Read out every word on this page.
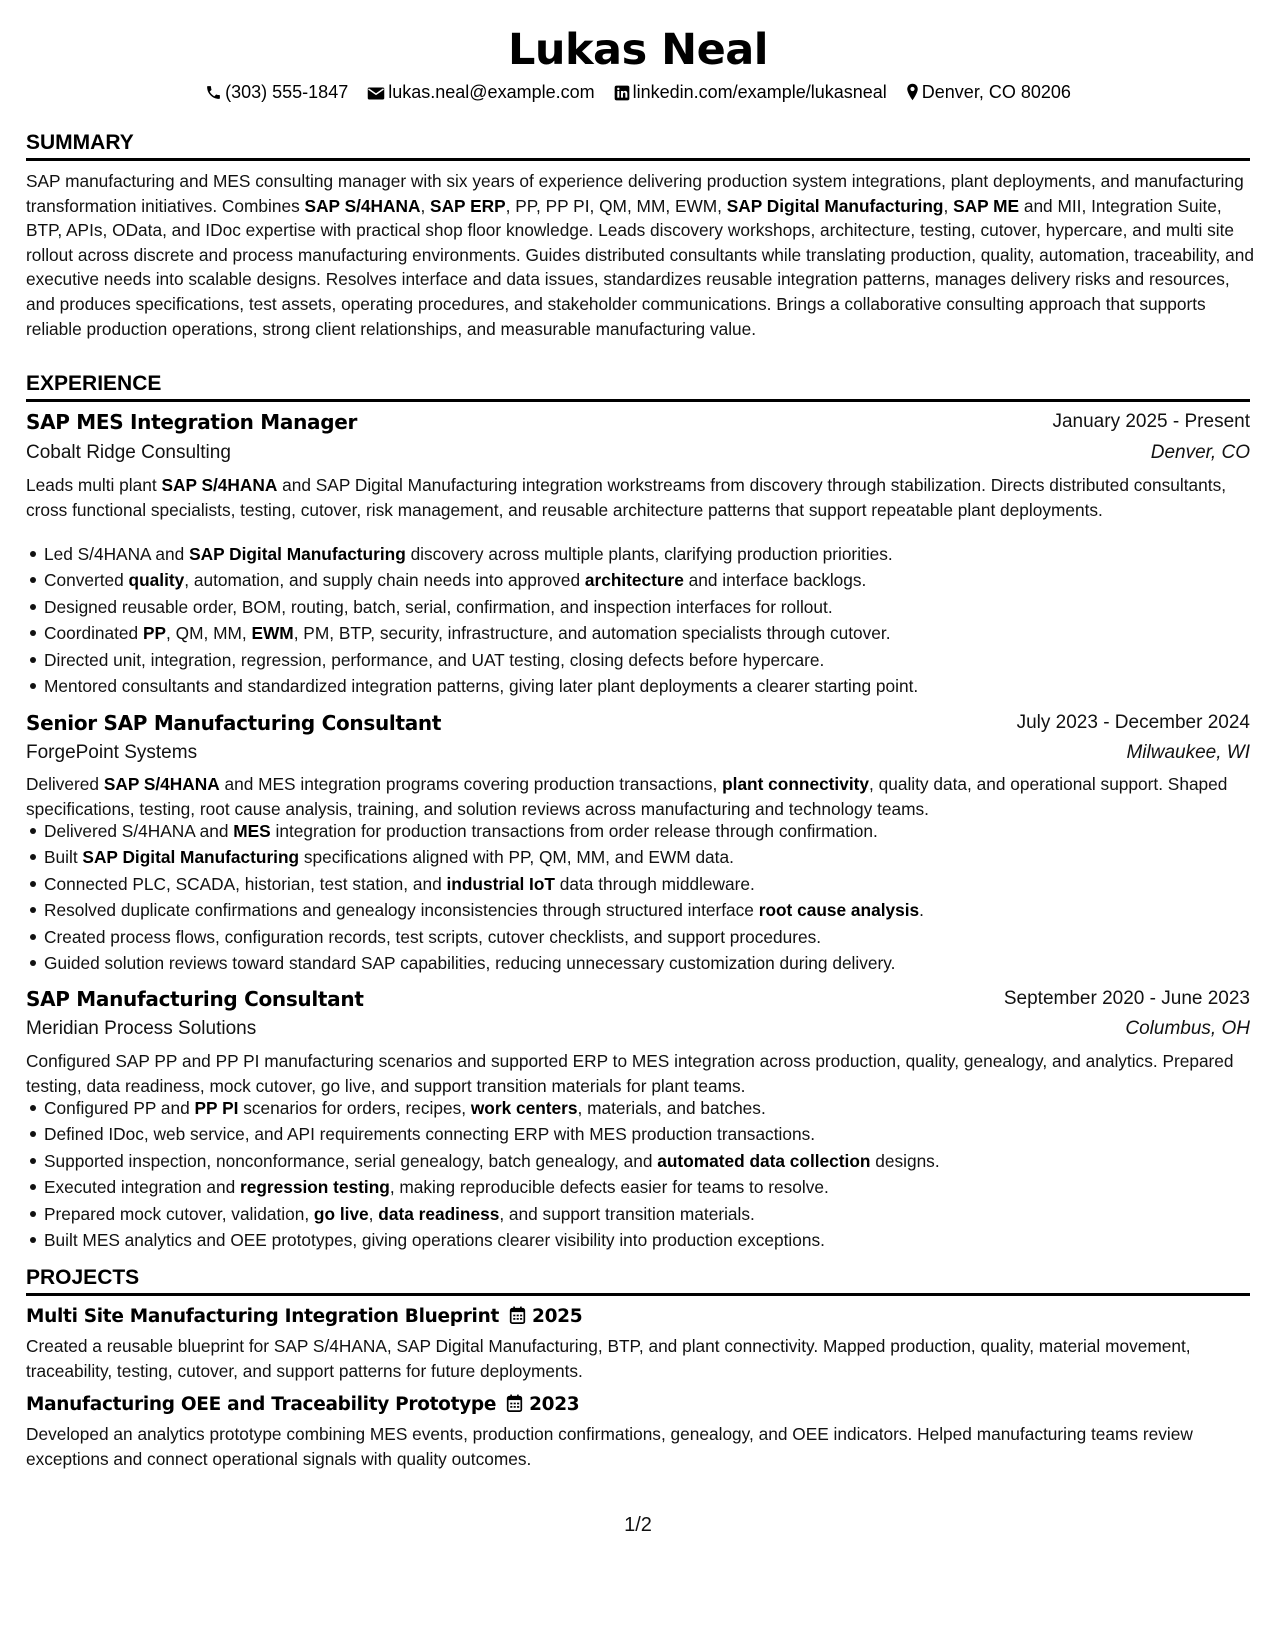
Lukas Neal
(303) 555-1847 lukas.neal@example.com linkedin.com/example/lukasneal Denver, CO 80206
SUMMARY

SAP manufacturing and MES consulting manager with six years of experience delivering production system integrations, plant deployments, and manufacturing transformation initiatives. Combines SAP S/4HANA, SAP ERP, PP, PP PI, QM, MM, EWM, SAP Digital Manufacturing, SAP ME and MII, Integration Suite, BTP, APIs, OData, and IDoc expertise with practical shop floor knowledge. Leads discovery workshops, architecture, testing, cutover, hypercare, and multi site rollout across discrete and process manufacturing environments. Guides distributed consultants while translating production, quality, automation, traceability, and executive needs into scalable designs. Resolves interface and data issues, standardizes reusable integration patterns, manages delivery risks and resources, and produces specifications, test assets, operating procedures, and stakeholder communications. Brings a collaborative consulting approach that supports reliable production operations, strong client relationships, and measurable manufacturing value.

EXPERIENCE
SAP MES Integration Manager	January 2025 - Present
Cobalt Ridge Consulting	Denver, CO

Leads multi plant SAP S/4HANA and SAP Digital Manufacturing integration workstreams from discovery through stabilization. Directs distributed consultants, cross functional specialists, testing, cutover, risk management, and reusable architecture patterns that support repeatable plant deployments.

Led S/4HANA and SAP Digital Manufacturing discovery across multiple plants, clarifying production priorities.
Converted quality, automation, and supply chain needs into approved architecture and interface backlogs.
Designed reusable order, BOM, routing, batch, serial, confirmation, and inspection interfaces for rollout.
Coordinated PP, QM, MM, EWM, PM, BTP, security, infrastructure, and automation specialists through cutover.
Directed unit, integration, regression, performance, and UAT testing, closing defects before hypercare.
Mentored consultants and standardized integration patterns, giving later plant deployments a clearer starting point.
Senior SAP Manufacturing Consultant	July 2023 - December 2024
ForgePoint Systems	Milwaukee, WI

Delivered SAP S/4HANA and MES integration programs covering production transactions, plant connectivity, quality data, and operational support. Shaped specifications, testing, root cause analysis, training, and solution reviews across manufacturing and technology teams.

Delivered S/4HANA and MES integration for production transactions from order release through confirmation.
Built SAP Digital Manufacturing specifications aligned with PP, QM, MM, and EWM data.
Connected PLC, SCADA, historian, test station, and industrial IoT data through middleware.
Resolved duplicate confirmations and genealogy inconsistencies through structured interface root cause analysis.
Created process flows, configuration records, test scripts, cutover checklists, and support procedures.
Guided solution reviews toward standard SAP capabilities, reducing unnecessary customization during delivery.
SAP Manufacturing Consultant	September 2020 - June 2023
Meridian Process Solutions	Columbus, OH

Configured SAP PP and PP PI manufacturing scenarios and supported ERP to MES integration across production, quality, genealogy, and analytics. Prepared testing, data readiness, mock cutover, go live, and support transition materials for plant teams.

Configured PP and PP PI scenarios for orders, recipes, work centers, materials, and batches.
Defined IDoc, web service, and API requirements connecting ERP with MES production transactions.
Supported inspection, nonconformance, serial genealogy, batch genealogy, and automated data collection designs.
Executed integration and regression testing, making reproducible defects easier for teams to resolve.
Prepared mock cutover, validation, go live, data readiness, and support transition materials.
Built MES analytics and OEE prototypes, giving operations clearer visibility into production exceptions.
PROJECTS
Multi Site Manufacturing Integration Blueprint 2025

Created a reusable blueprint for SAP S/4HANA, SAP Digital Manufacturing, BTP, and plant connectivity. Mapped production, quality, material movement, traceability, testing, cutover, and support patterns for future deployments.

Manufacturing OEE and Traceability Prototype 2023

Developed an analytics prototype combining MES events, production confirmations, genealogy, and OEE indicators. Helped manufacturing teams review exceptions and connect operational signals with quality outcomes.

1/2
